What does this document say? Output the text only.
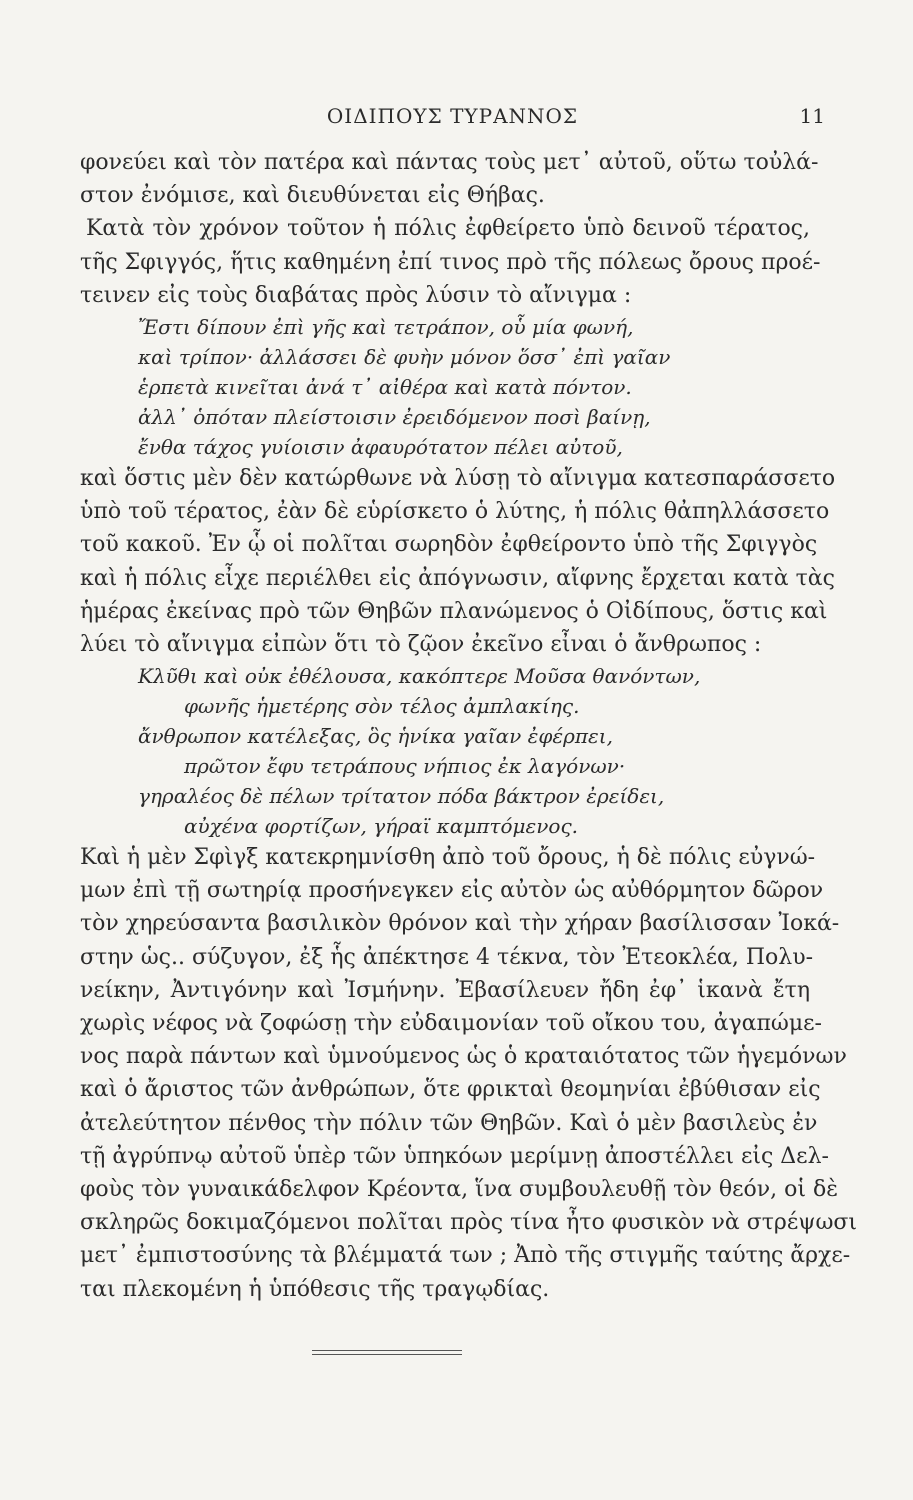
ΟΙΔΙΠΟΥΣ ΤΥΡΑΝΝΟΣ	11
φονεύει καὶ τὸν πατέρα καὶ πάντας τοὺς μετ᾽ αὐτοῦ, οὕτω τοὐλά-
στον ἐνόμισε, καὶ διευθύνεται εἰς Θήβας.
Κατὰ τὸν χρόνον τοῦτον ἡ πόλις ἐφθείρετο ὑπὸ δεινοῦ τέρατος,
τῆς Σφιγγός, ἥτις καθημένη ἐπί τινος πρὸ τῆς πόλεως ὄρους προέ-
τεινεν εἰς τοὺς διαβάτας πρὸς λύσιν τὸ αἴνιγμα :
Ἔστι δίπουν ἐπὶ γῆς καὶ τετράπον, οὗ μία φωνή,
καὶ τρίπον· ἀλλάσσει δὲ φυὴν μόνον ὅσσ᾽ ἐπὶ γαῖαν
ἑρπετὰ κινεῖται ἀνά τ᾽ αἰθέρα καὶ κατὰ πόντον.
ἀλλ᾽ ὁπόταν πλείστοισιν ἐρειδόμενον ποσὶ βαίνῃ,
ἔνθα τάχος γυίοισιν ἀφαυρότατον πέλει αὐτοῦ,
καὶ ὅστις μὲν δὲν κατώρθωνε νὰ λύσῃ τὸ αἴνιγμα κατεσπαράσσετο
ὑπὸ τοῦ τέρατος, ἐὰν δὲ εὑρίσκετο ὁ λύτης, ἡ πόλις θἀπηλλάσσετο
τοῦ κακοῦ. Ἐν ᾧ οἱ πολῖται σωρηδὸν ἐφθείροντο ὑπὸ τῆς Σφιγγὸς
καὶ ἡ πόλις εἶχε περιέλθει εἰς ἀπόγνωσιν, αἴφνης ἔρχεται κατὰ τὰς
ἡμέρας ἐκείνας πρὸ τῶν Θηβῶν πλανώμενος ὁ Οἰδίπους, ὅστις καὶ
λύει τὸ αἴνιγμα εἰπὼν ὅτι τὸ ζῷον ἐκεῖνο εἶναι ὁ ἄνθρωπος :
Κλῦθι καὶ οὐκ ἐθέλουσα, κακόπτερε Μοῦσα θανόντων,
φωνῆς ἡμετέρης σὸν τέλος ἀμπλακίης.
ἄνθρωπον κατέλεξας, ὃς ἡνίκα γαῖαν ἐφέρπει,
πρῶτον ἔφυ τετράπους νήπιος ἐκ λαγόνων·
γηραλέος δὲ πέλων τρίτατον πόδα βάκτρον ἐρείδει,
αὐχένα φορτίζων, γήραϊ καμπτόμενος.
Καὶ ἡ μὲν Σφὶγξ κατεκρημνίσθη ἀπὸ τοῦ ὄρους, ἡ δὲ πόλις εὐγνώ-
μων ἐπὶ τῇ σωτηρίᾳ προσήνεγκεν εἰς αὐτὸν ὡς αὐθόρμητον δῶρον
τὸν χηρεύσαντα βασιλικὸν θρόνον καὶ τὴν χήραν βασίλισσαν Ἰοκά-
στην ὡς.. σύζυγον, ἐξ ἧς ἀπέκτησε 4 τέκνα, τὸν Ἐτεοκλέα, Πολυ-
νείκην, Ἀντιγόνην καὶ Ἰσμήνην. Ἐβασίλευεν ἤδη ἐφ᾽ ἱκανὰ ἔτη
χωρὶς νέφος νὰ ζοφώσῃ τὴν εὐδαιμονίαν τοῦ οἴκου του, ἀγαπώμε-
νος παρὰ πάντων καὶ ὑμνούμενος ὡς ὁ κραταιότατος τῶν ἡγεμόνων
καὶ ὁ ἄριστος τῶν ἀνθρώπων, ὅτε φρικταὶ θεομηνίαι ἐβύθισαν εἰς
ἀτελεύτητον πένθος τὴν πόλιν τῶν Θηβῶν. Καὶ ὁ μὲν βασιλεὺς ἐν
τῇ ἀγρύπνῳ αὐτοῦ ὑπὲρ τῶν ὑπηκόων μερίμνῃ ἀποστέλλει εἰς Δελ-
φοὺς τὸν γυναικάδελφον Κρέοντα, ἵνα συμβουλευθῇ τὸν θεόν, οἱ δὲ
σκληρῶς δοκιμαζόμενοι πολῖται πρὸς τίνα ἦτο φυσικὸν νὰ στρέψωσι
μετ᾽ ἐμπιστοσύνης τὰ βλέμματά των ; Ἀπὸ τῆς στιγμῆς ταύτης ἄρχε-
ται πλεκομένη ἡ ὑπόθεσις τῆς τραγῳδίας.
